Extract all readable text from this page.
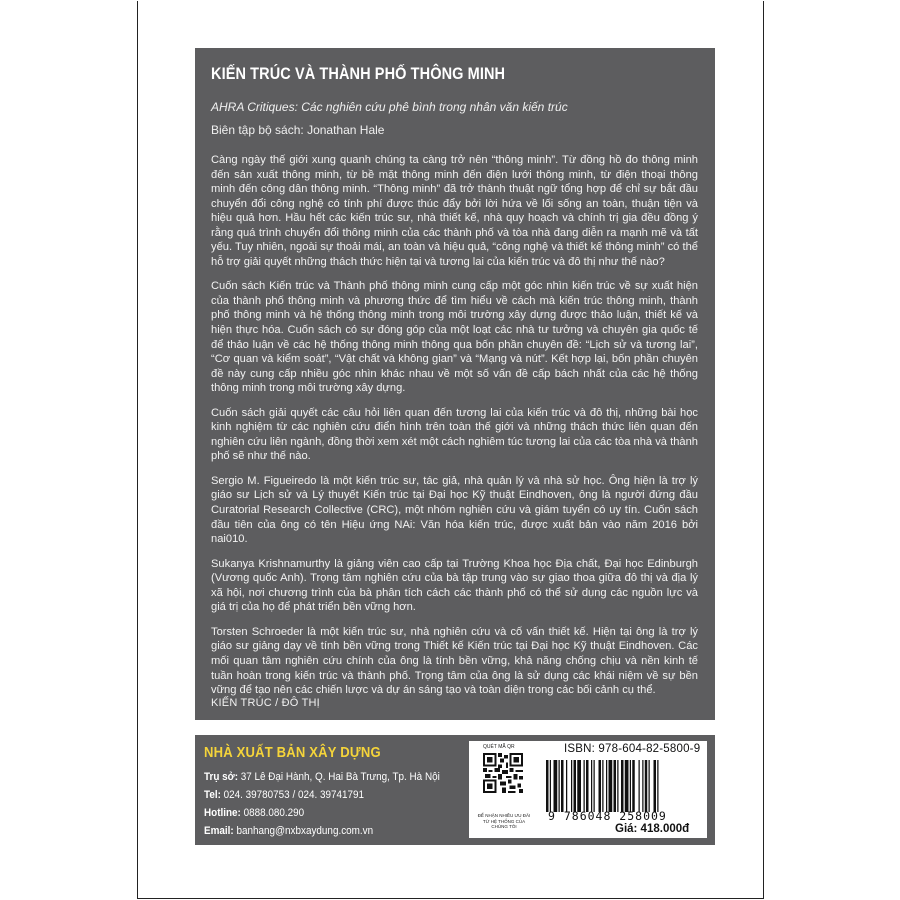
KIẾN TRÚC VÀ THÀNH PHỐ THÔNG MINH
AHRA Critiques: Các nghiên cứu phê bình trong nhân văn kiến trúc
Biên tập bộ sách: Jonathan Hale

Càng ngày thế giới xung quanh chúng ta càng trở nên “thông minh”. Từ đồng hồ đo thông minh đến sản xuất thông minh, từ bề mặt thông minh đến điện lưới thông minh, từ điện thoại thông minh đến công dân thông minh. “Thông minh” đã trở thành thuật ngữ tổng hợp để chỉ sự bắt đầu chuyển đổi công nghệ có tính phí được thúc đẩy bởi lời hứa về lối sống an toàn, thuận tiện và hiệu quả hơn. Hầu hết các kiến trúc sư, nhà thiết kế, nhà quy hoạch và chính trị gia đều đồng ý rằng quá trình chuyển đổi thông minh của các thành phố và tòa nhà đang diễn ra mạnh mẽ và tất yếu. Tuy nhiên, ngoài sự thoải mái, an toàn và hiệu quả, “công nghệ và thiết kế thông minh” có thể hỗ trợ giải quyết những thách thức hiện tại và tương lai của kiến trúc và đô thị như thế nào?

Cuốn sách Kiến trúc và Thành phố thông minh cung cấp một góc nhìn kiến trúc về sự xuất hiện của thành phố thông minh và phương thức để tìm hiểu về cách mà kiến trúc thông minh, thành phố thông minh và hệ thống thông minh trong môi trường xây dựng được thảo luận, thiết kế và hiện thực hóa. Cuốn sách có sự đóng góp của một loạt các nhà tư tưởng và chuyên gia quốc tế để thảo luận về các hệ thống thông minh thông qua bốn phần chuyên đề: “Lịch sử và tương lai”, “Cơ quan và kiểm soát”, “Vật chất và không gian” và “Mạng và nút”. Kết hợp lại, bốn phần chuyên đề này cung cấp nhiều góc nhìn khác nhau về một số vấn đề cấp bách nhất của các hệ thống thông minh trong môi trường xây dựng.

Cuốn sách giải quyết các câu hỏi liên quan đến tương lai của kiến trúc và đô thị, những bài học kinh nghiệm từ các nghiên cứu điển hình trên toàn thế giới và những thách thức liên quan đến nghiên cứu liên ngành, đồng thời xem xét một cách nghiêm túc tương lai của các tòa nhà và thành phố sẽ như thế nào.

Sergio M. Figueiredo là một kiến trúc sư, tác giả, nhà quản lý và nhà sử học. Ông hiện là trợ lý giáo sư Lịch sử và Lý thuyết Kiến trúc tại Đại học Kỹ thuật Eindhoven, ông là người đứng đầu Curatorial Research Collective (CRC), một nhóm nghiên cứu và giám tuyển có uy tín. Cuốn sách đầu tiên của ông có tên Hiệu ứng NAi: Văn hóa kiến trúc, được xuất bản vào năm 2016 bởi nai010.

Sukanya Krishnamurthy là giảng viên cao cấp tại Trường Khoa học Địa chất, Đại học Edinburgh (Vương quốc Anh). Trọng tâm nghiên cứu của bà tập trung vào sự giao thoa giữa đô thị và địa lý xã hội, nơi chương trình của bà phân tích cách các thành phố có thể sử dụng các nguồn lực và giá trị của họ để phát triển bền vững hơn.

Torsten Schroeder là một kiến trúc sư, nhà nghiên cứu và cố vấn thiết kế. Hiện tại ông là trợ lý giáo sư giảng dạy về tính bền vững trong Thiết kế Kiến trúc tại Đại học Kỹ thuật Eindhoven. Các mối quan tâm nghiên cứu chính của ông là tính bền vững, khả năng chống chịu và nền kinh tế tuần hoàn trong kiến trúc và thành phố. Trọng tâm của ông là sử dụng các khái niệm về sự bền vững để tạo nên các chiến lược và dự án sáng tạo và toàn diện trong các bối cảnh cụ thể.

KIẾN TRÚC / ĐÔ THỊ
NHÀ XUẤT BẢN XÂY DỰNG
Trụ sở: 37 Lê Đại Hành, Q. Hai Bà Trưng, Tp. Hà Nội
Tel: 024. 39780753 / 024. 39741791
Hotline: 0888.080.290
Email: banhang@nxbxaydung.com.vn
QUÉT MÃ QR
ĐỂ NHẬN NHIỀU ƯU ĐÃI TỪ HỆ THỐNG CỦA CHÚNG TÔI
ISBN: 978-604-82-5800-9
9 786048 258009
Giá: 418.000đ
